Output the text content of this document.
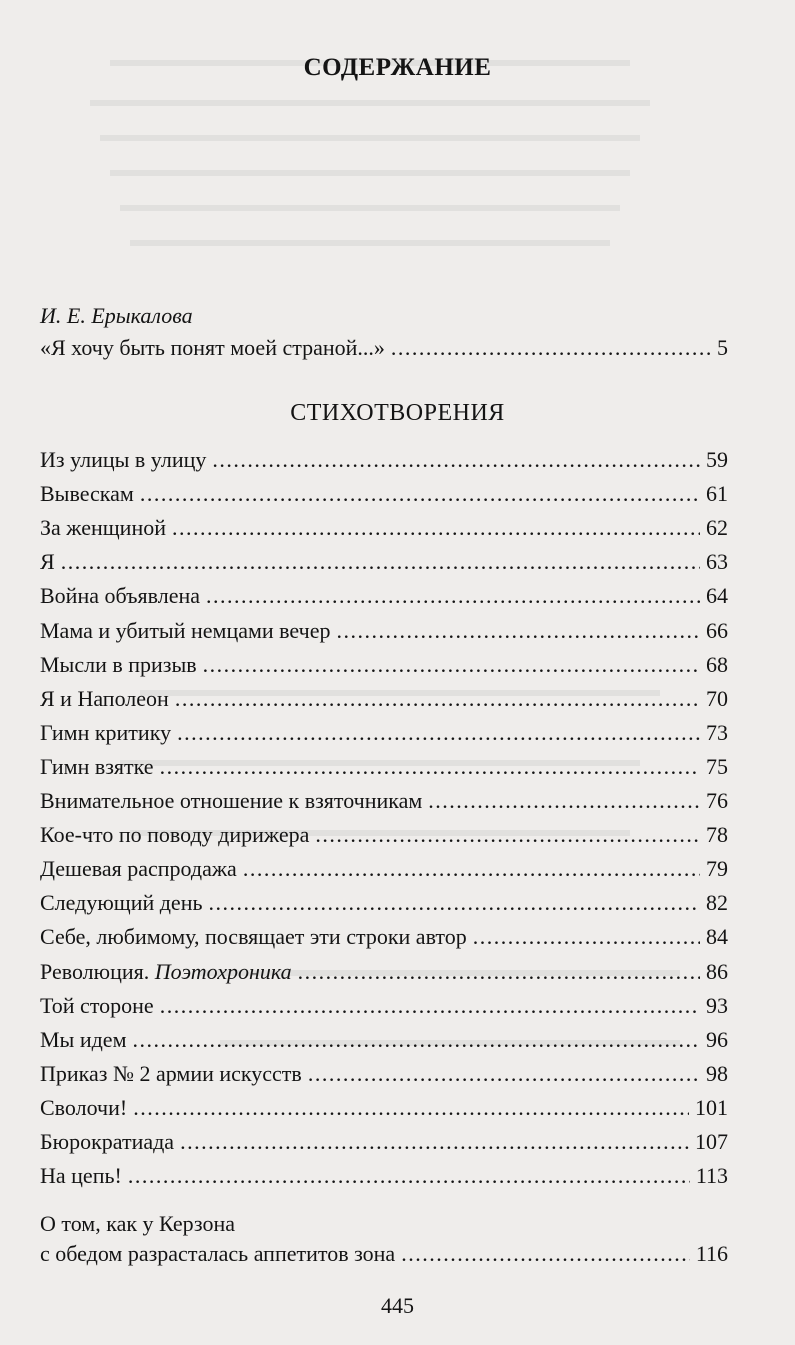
СОДЕРЖАНИЕ
И. Е. Ерыкалова
«Я хочу быть понят моей страной...» .....	5
СТИХОТВОРЕНИЯ
Из улицы в улицу .....	59
Вывескам .....	61
За женщиной .....	62
Я .....	63
Война объявлена .....	64
Мама и убитый немцами вечер .....	66
Мысли в призыв .....	68
Я и Наполеон .....	70
Гимн критику .....	73
Гимн взятке .....	75
Внимательное отношение к взяточникам .....	76
Кое-что по поводу дирижера .....	78
Дешевая распродажа .....	79
Следующий день .....	82
Себе, любимому, посвящает эти строки автор .....	84
Революция. Поэтохроника .....	86
Той стороне .....	93
Мы идем .....	96
Приказ № 2 армии искусств .....	98
Сволочи! .....	101
Бюрократиада .....	107
На цепь! .....	113
О том, как у Керзона
с обедом разрасталась аппетитов зона .....	116
445
